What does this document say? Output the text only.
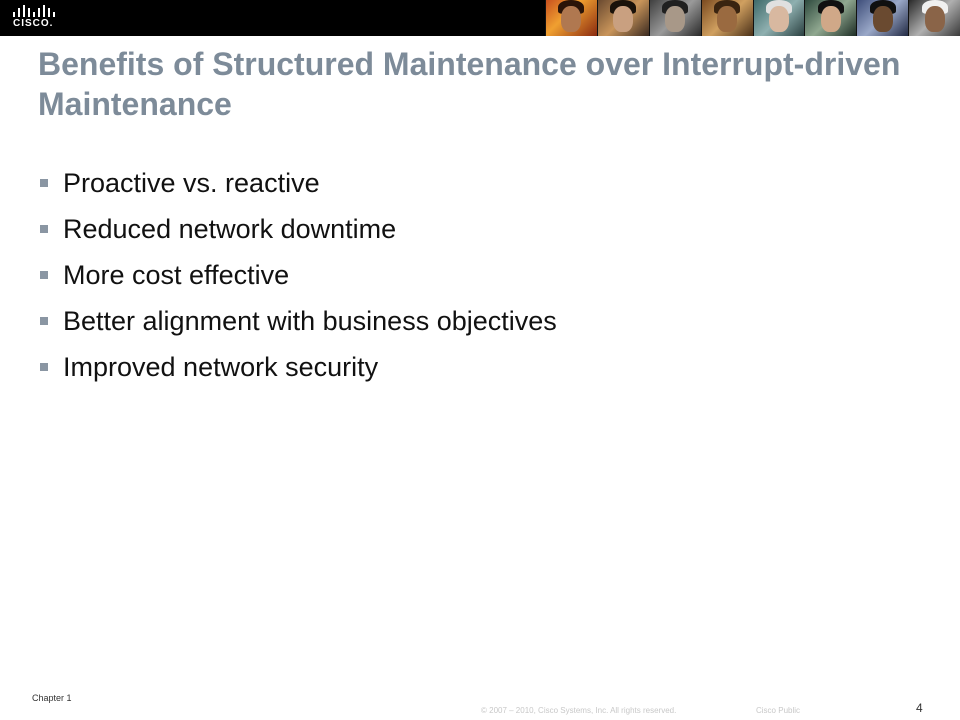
CISCO.
Benefits of Structured Maintenance over Interrupt-driven Maintenance
Proactive vs. reactive
Reduced network downtime
More cost effective
Better alignment with business objectives
Improved network security
Chapter 1
© 2007 – 2010, Cisco Systems, Inc. All rights reserved.	Cisco Public	4
